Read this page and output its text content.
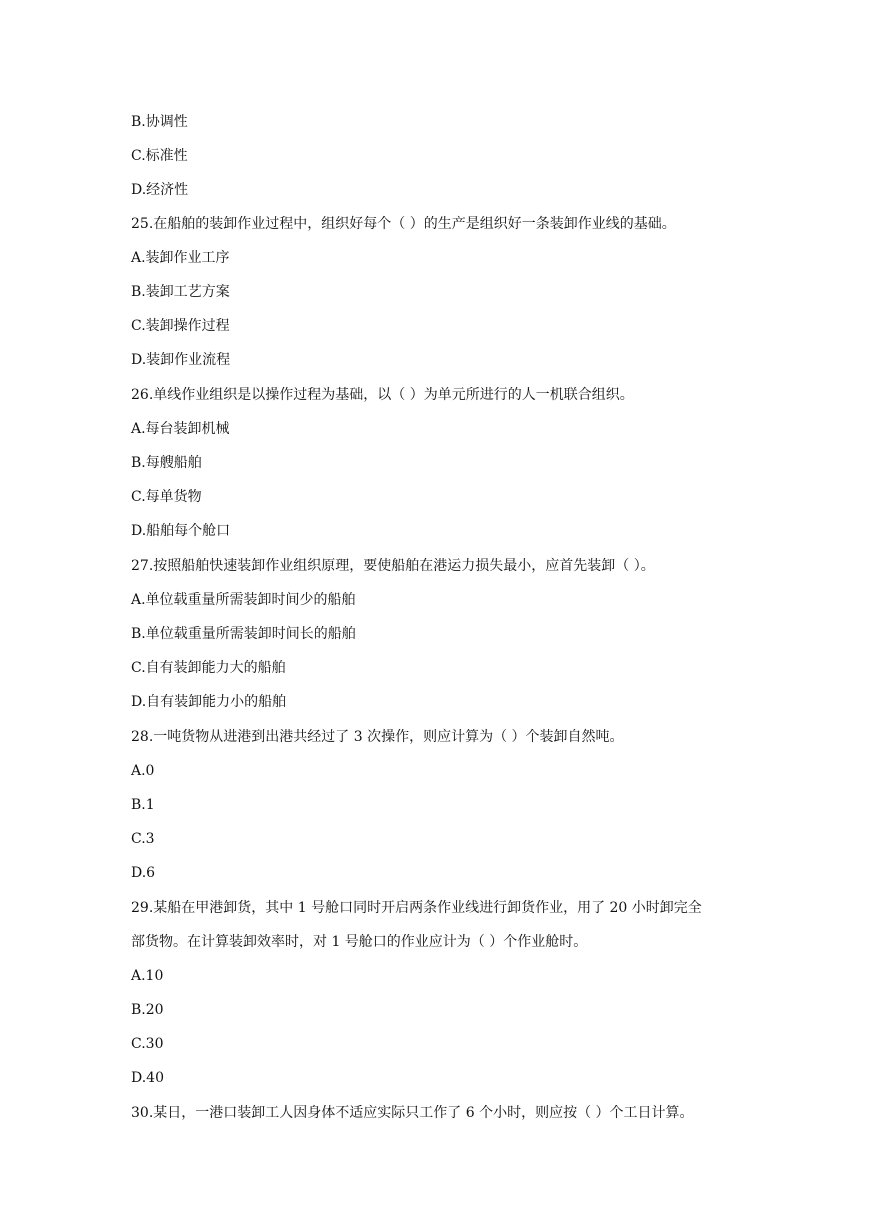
B.协调性
C.标准性
D.经济性
25.在船舶的装卸作业过程中，组织好每个（ ）的生产是组织好一条装卸作业线的基础。
A.装卸作业工序
B.装卸工艺方案
C.装卸操作过程
D.装卸作业流程
26.单线作业组织是以操作过程为基础，以（ ）为单元所进行的人一机联合组织。
A.每台装卸机械
B.每艘船舶
C.每单货物
D.船舶每个舱口
27.按照船舶快速装卸作业组织原理，要使船舶在港运力损失最小，应首先装卸（ ）。
A.单位载重量所需装卸时间少的船舶
B.单位载重量所需装卸时间长的船舶
C.自有装卸能力大的船舶
D.自有装卸能力小的船舶
28.一吨货物从进港到出港共经过了 3 次操作，则应计算为（ ）个装卸自然吨。
A.0
B.1
C.3
D.6
29.某船在甲港卸货，其中 1 号舱口同时开启两条作业线进行卸货作业，用了 20 小时卸完全
部货物。在计算装卸效率时，对 1 号舱口的作业应计为（ ）个作业舱时。
A.10
B.20
C.30
D.40
30.某日，一港口装卸工人因身体不适应实际只工作了 6 个小时，则应按（ ）个工日计算。
